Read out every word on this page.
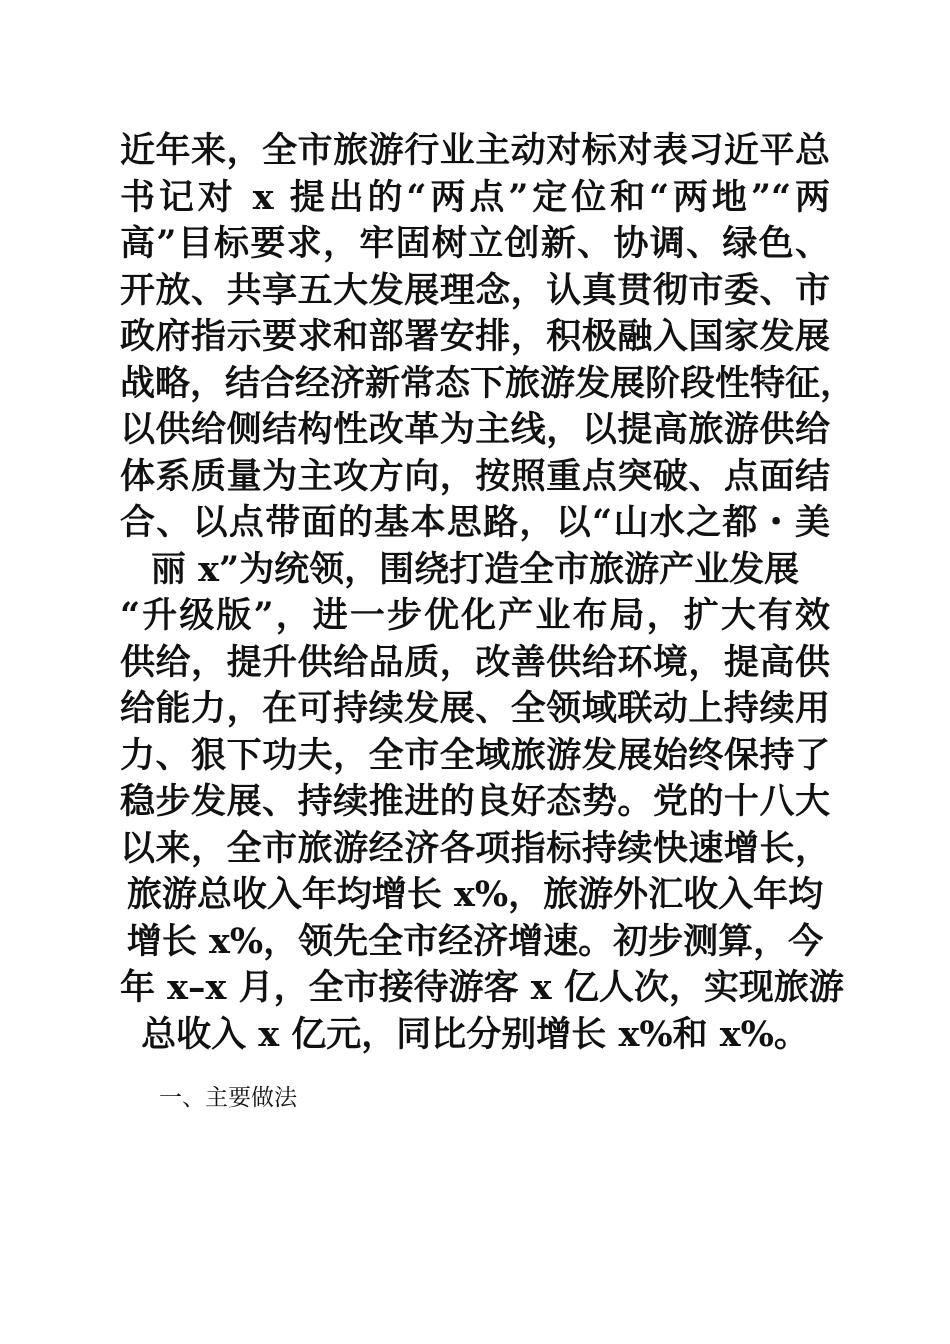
近年来，全市旅游行业主动对标对表习近平总
书记对 x 提出的“两点”定位和“两地”“两
高”目标要求，牢固树立创新、协调、绿色、
开放、共享五大发展理念，认真贯彻市委、市
政府指示要求和部署安排，积极融入国家发展
战略，结合经济新常态下旅游发展阶段性特征，
以供给侧结构性改革为主线，以提高旅游供给
体系质量为主攻方向，按照重点突破、点面结
合、以点带面的基本思路，以“山水之都・美
丽 x”为统领，围绕打造全市旅游产业发展
“升级版”，进一步优化产业布局，扩大有效
供给，提升供给品质，改善供给环境，提高供
给能力，在可持续发展、全领域联动上持续用
力、狠下功夫，全市全域旅游发展始终保持了
稳步发展、持续推进的良好态势。党的十八大
以来，全市旅游经济各项指标持续快速增长，
旅游总收入年均增长 x%，旅游外汇收入年均
增长 x%，领先全市经济增速。初步测算，今
年 x–x 月，全市接待游客 x 亿人次，实现旅游
总收入 x 亿元，同比分别增长 x%和 x%。
一、主要做法
